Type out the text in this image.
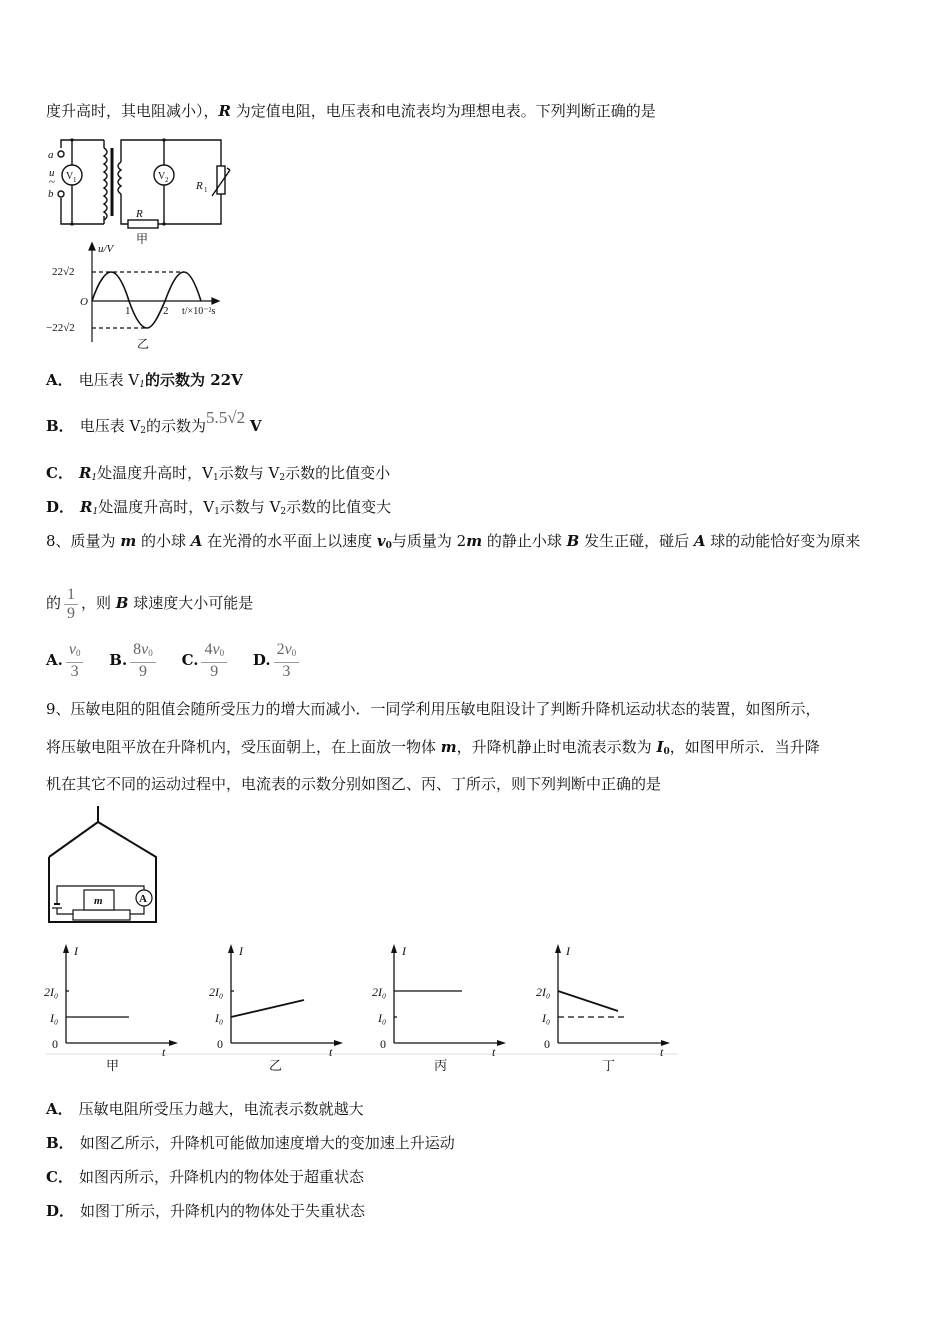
度升高时，其电阻减小），R 为定值电阻，电压表和电流表均为理想电表。下列判断正确的是
a
b
u
~ V 1	V 2
R
R 1
甲
u/V
22√2
−22√2
O
1	2 t/×10⁻²s
乙
A． 电压表 $V_1$的示数为 22V
B． 电压表 $V_2$的示数为5.5√2 V
C． $R_1$处温度升高时，$V_1$示数与 $V_2$示数的比值变小
D． $R_1$处温度升高时，$V_1$示数与 $V_2$示数的比值变大
8、质量为 m 的小球 A 在光滑的水平面上以速度 $v_0$与质量为 2m 的静止小球 B 发生正碰，碰后 A 球的动能恰好变为原来
的 $\frac{1}{9}$ ，则 B 球速度大小可能是
A. $\frac{v_0}{3} B$. $\frac{8v_0}{9} C$. $\frac{4v_0}{9} D$. $\frac{2v_0}{3}$
9、压敏电阻的阻值会随所受压力的增大而减小．一同学利用压敏电阻设计了判断升降机运动状态的装置，如图所示，
将压敏电阻平放在升降机内，受压面朝上，在上面放一物体 m，升降机静止时电流表示数为 $I_0$，如图甲所示．当升降
机在其它不同的运动过程中，电流表的示数分别如图乙、丙、丁所示，则下列判断中正确的是
m	A
I
2I₀
I₀
0
t
甲
I
2I₀
I₀
0
t
乙
I
2I₀
I₀
0
t
丙
I
2I₀
I₀
0
t
丁
A． 压敏电阻所受压力越大，电流表示数就越大
B． 如图乙所示，升降机可能做加速度增大的变加速上升运动
C． 如图丙所示，升降机内的物体处于超重状态
D． 如图丁所示，升降机内的物体处于失重状态
